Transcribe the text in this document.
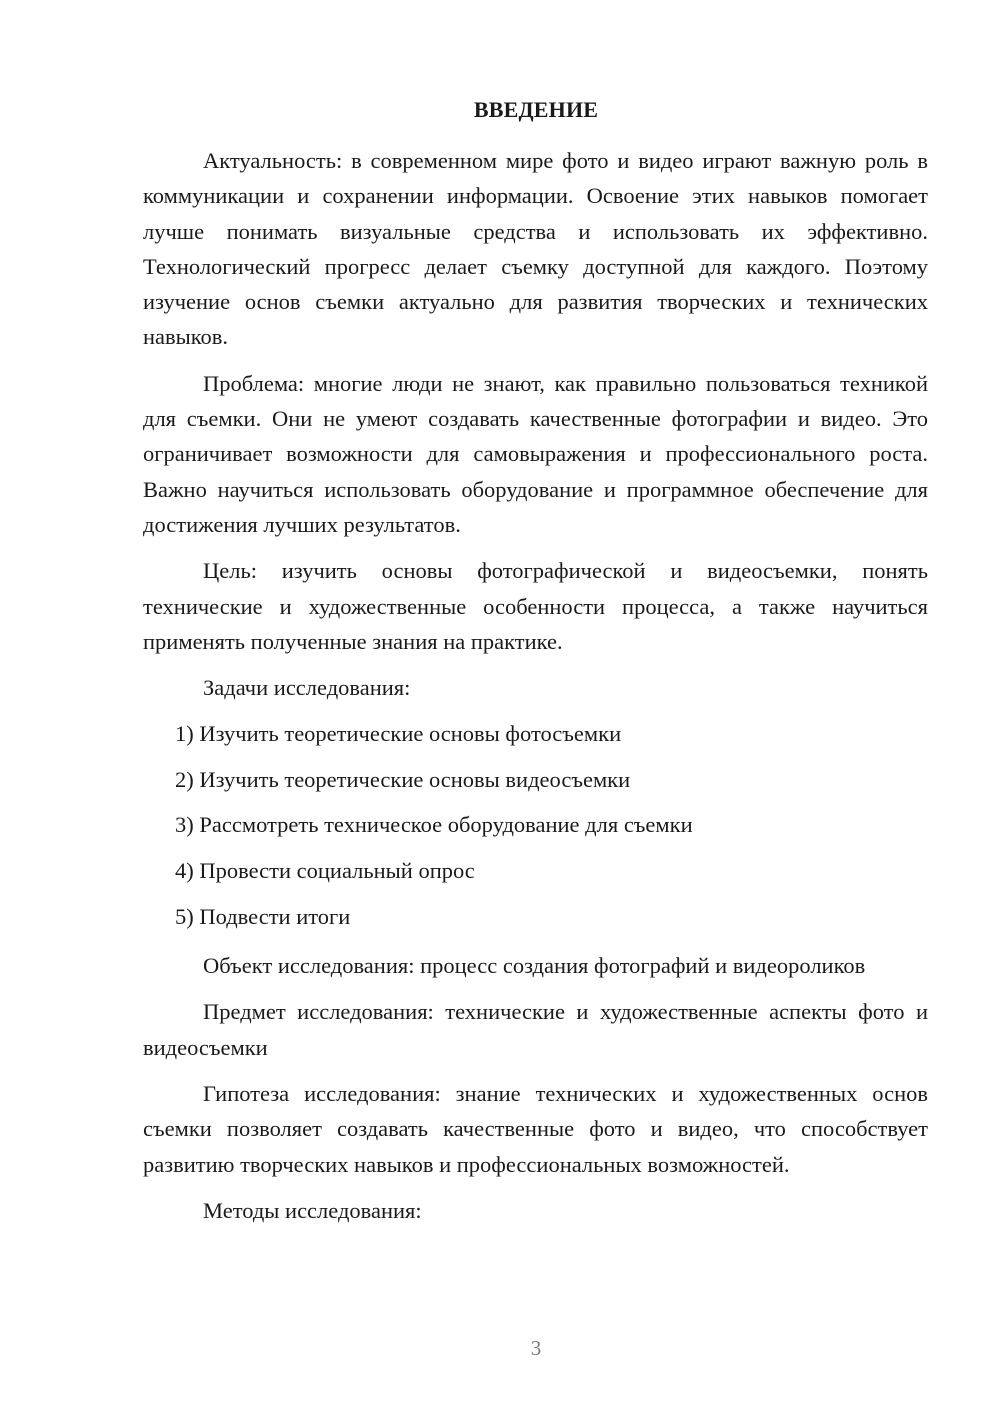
ВВЕДЕНИЕ

Актуальность: в современном мире фото и видео играют важную роль в коммуникации и сохранении информации. Освоение этих навыков помогает лучше понимать визуальные средства и использовать их эффективно. Технологический прогресс делает съемку доступной для каждого. Поэтому изучение основ съемки актуально для развития творческих и технических навыков.

Проблема: многие люди не знают, как правильно пользоваться техникой для съемки. Они не умеют создавать качественные фотографии и видео. Это ограничивает возможности для самовыражения и профессионального роста. Важно научиться использовать оборудование и программное обеспечение для достижения лучших результатов.

Цель: изучить основы фотографической и видеосъемки, понять технические и художественные особенности процесса, а также научиться применять полученные знания на практике.

Задачи исследования:
1) Изучить теоретические основы фотосъемки
2) Изучить теоретические основы видеосъемки
3) Рассмотреть техническое оборудование для съемки
4) Провести социальный опрос
5) Подвести итоги

Объект исследования: процесс создания фотографий и видеороликов

Предмет исследования: технические и художественные аспекты фото и видеосъемки

Гипотеза исследования: знание технических и художественных основ съемки позволяет создавать качественные фото и видео, что способствует развитию творческих навыков и профессиональных возможностей.

Методы исследования:

3
